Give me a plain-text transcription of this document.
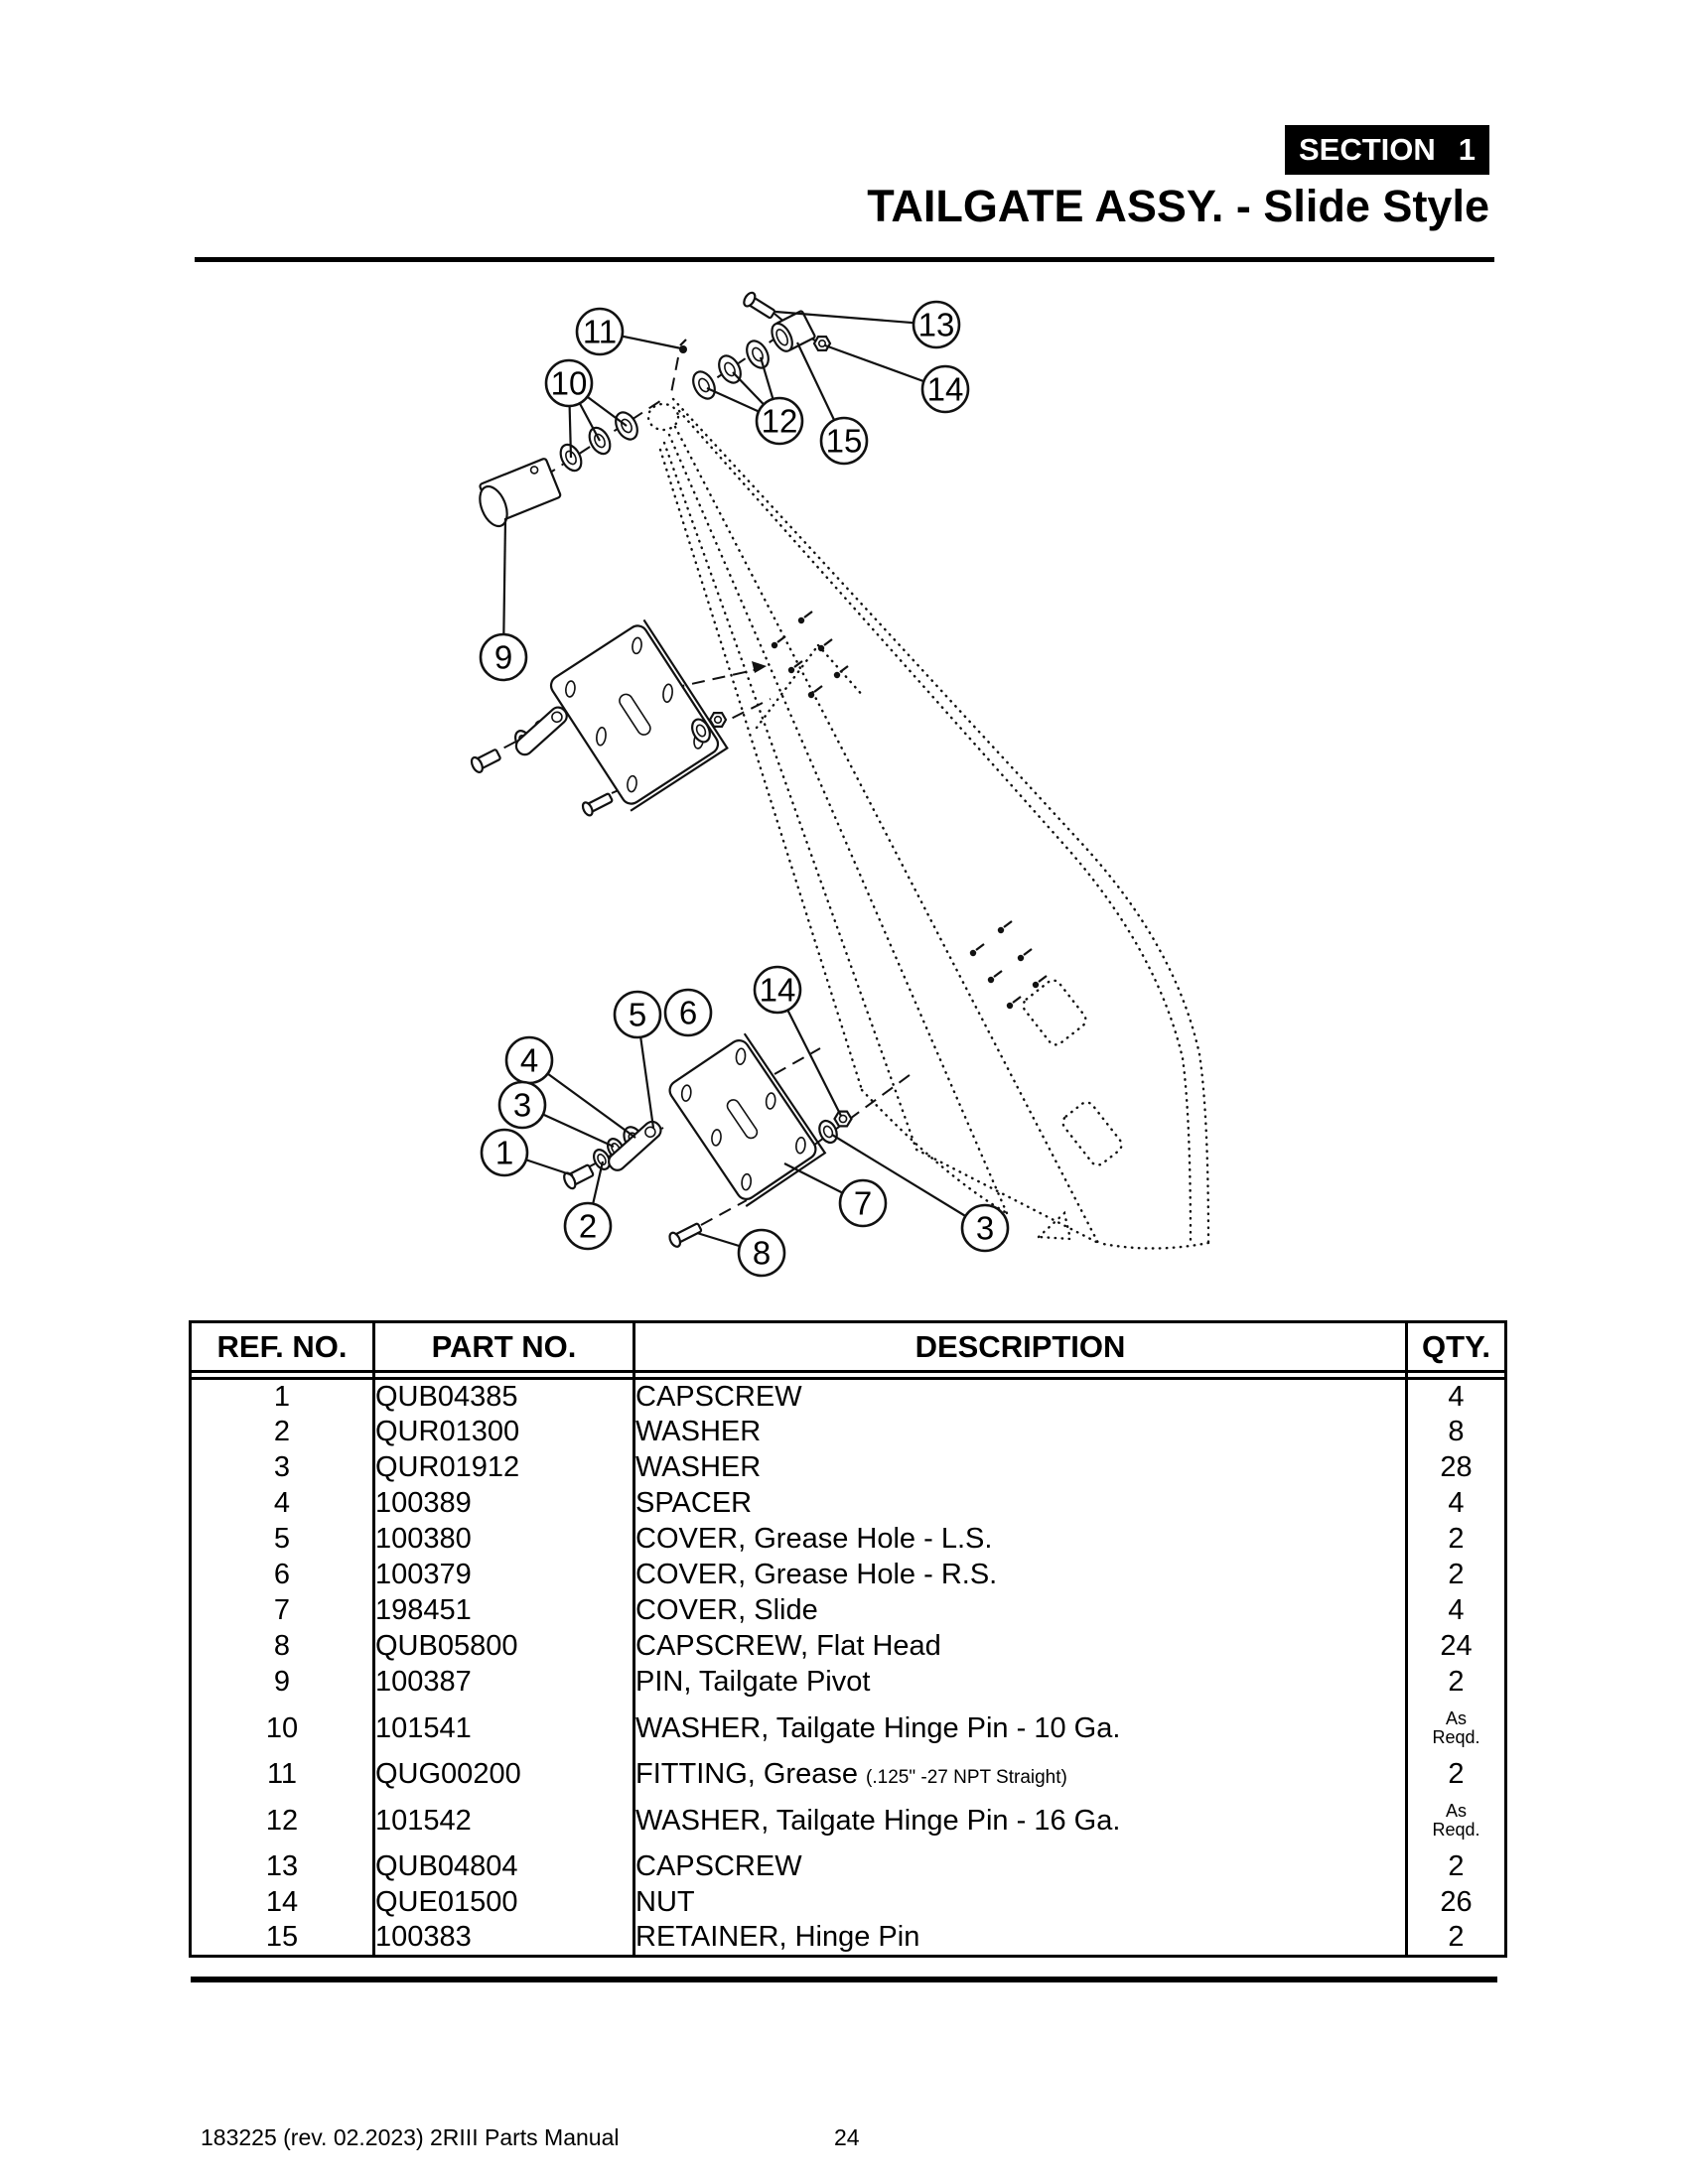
SECTION 1
TAILGATE ASSY. - Slide Style
11
10
13
14
12
15
9
5 6
14
4
3
1
2
7
3
8
REF. NO.	PART NO.	DESCRIPTION	QTY.

1	QUB04385	CAPSCREW	4
2	QUR01300	WASHER	8
3	QUR01912	WASHER	28
4	100389	SPACER	4
5	100380	COVER, Grease Hole - L.S.	2
6	100379	COVER, Grease Hole - R.S.	2
7	198451	COVER, Slide	4
8	QUB05800	CAPSCREW, Flat Head	24
9	100387	PIN, Tailgate Pivot	2
10	101541	WASHER, Tailgate Hinge Pin - 10 Ga.	As
Reqd.

11	QUG00200	FITTING, Grease (.125" -27 NPT Straight)	2
12	101542	WASHER, Tailgate Hinge Pin - 16 Ga.	As
Reqd.

13	QUB04804	CAPSCREW	2
14	QUE01500	NUT	26
15	100383	RETAINER, Hinge Pin	2
183225 (rev. 02.2023) 2RIII Parts Manual	24
